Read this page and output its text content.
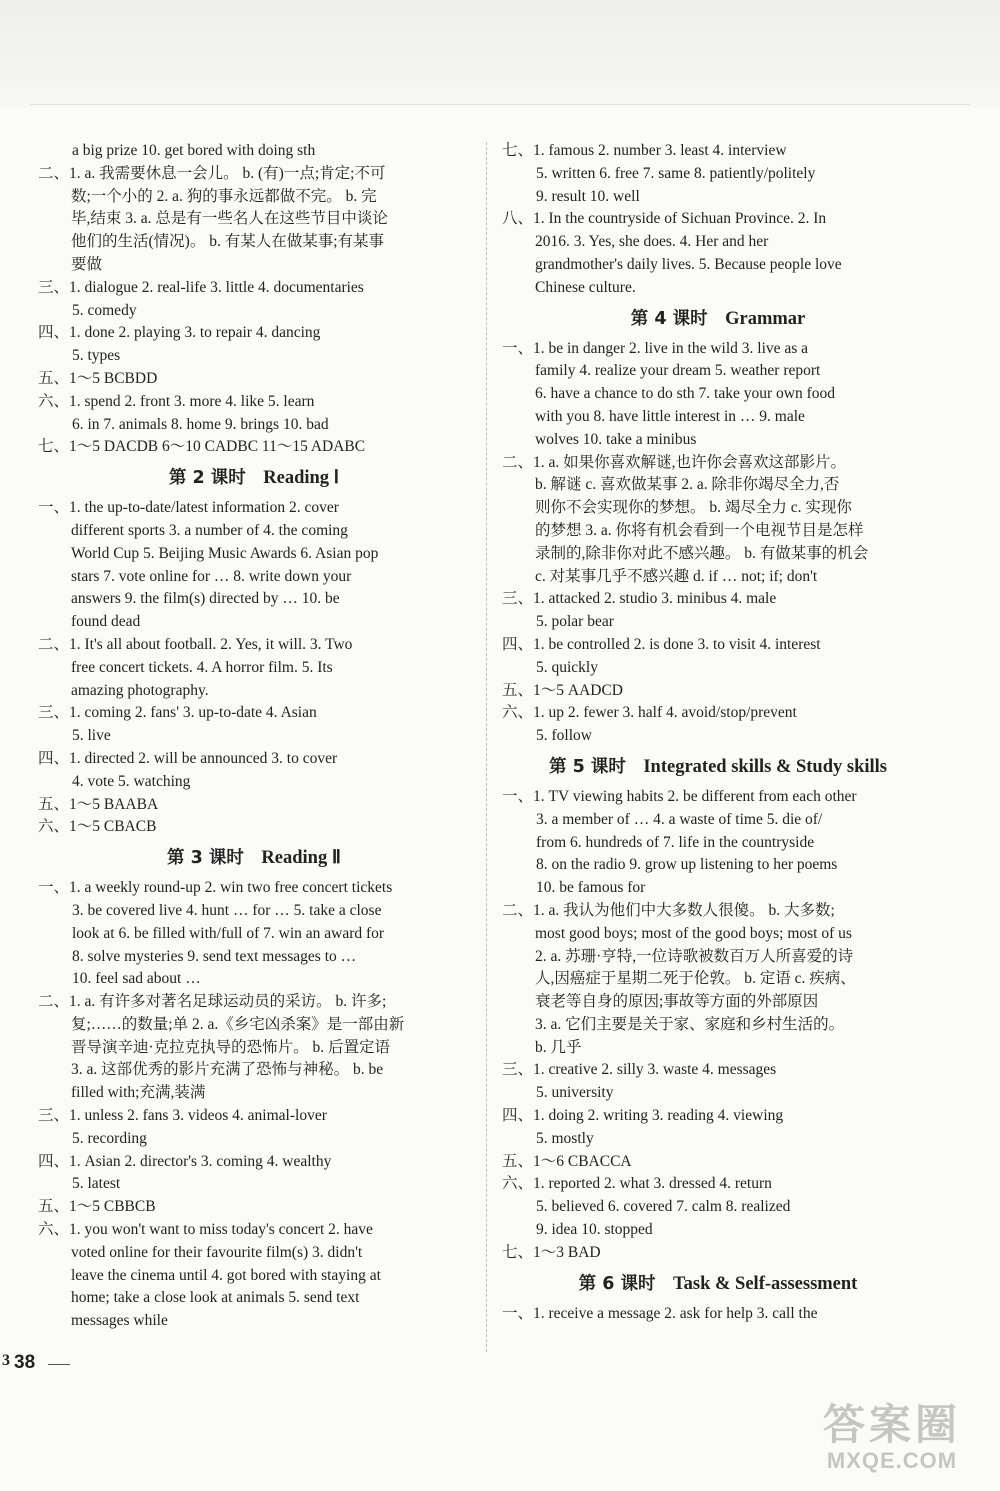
a big prize 10. get bored with doing sth
二、1. a. 我需要休息一会儿。 b. (有)一点;肯定;不可
数;一个小的 2. a. 狗的事永远都做不完。 b. 完
毕,结束 3. a. 总是有一些名人在这些节目中谈论
他们的生活(情况)。 b. 有某人在做某事;有某事
要做
三、1. dialogue 2. real-life 3. little 4. documentaries
5. comedy
四、1. done 2. playing 3. to repair 4. dancing
5. types
五、1～5 BCBDD
六、1. spend 2. front 3. more 4. like 5. learn
6. in 7. animals 8. home 9. brings 10. bad
七、1～5 DACDB 6～10 CADBC 11～15 ADABC
第 2 课时  Reading Ⅰ
一、1. the up-to-date/latest information 2. cover
different sports 3. a number of 4. the coming
World Cup 5. Beijing Music Awards 6. Asian pop
stars 7. vote online for … 8. write down your
answers 9. the film(s) directed by … 10. be
found dead
二、1. It's all about football. 2. Yes, it will. 3. Two
free concert tickets. 4. A horror film. 5. Its
amazing photography.
三、1. coming 2. fans' 3. up-to-date 4. Asian
5. live
四、1. directed 2. will be announced 3. to cover
4. vote 5. watching
五、1～5 BAABA
六、1～5 CBACB
第 3 课时  Reading Ⅱ
一、1. a weekly round-up 2. win two free concert tickets
3. be covered live 4. hunt … for … 5. take a close
look at 6. be filled with/full of 7. win an award for
8. solve mysteries 9. send text messages to …
10. feel sad about …
二、1. a. 有许多对著名足球运动员的采访。 b. 许多;
复;……的数量;单 2. a.《乡宅凶杀案》是一部由新
晋导演辛迪·克拉克执导的恐怖片。 b. 后置定语
3. a. 这部优秀的影片充满了恐怖与神秘。 b. be
filled with;充满,装满
三、1. unless 2. fans 3. videos 4. animal-lover
5. recording
四、1. Asian 2. director's 3. coming 4. wealthy
5. latest
五、1～5 CBBCB
六、1. you won't want to miss today's concert 2. have
voted online for their favourite film(s) 3. didn't
leave the cinema until 4. got bored with staying at
home; take a close look at animals 5. send text
messages while
七、1. famous 2. number 3. least 4. interview
5. written 6. free 7. same 8. patiently/politely
9. result 10. well
八、1. In the countryside of Sichuan Province. 2. In
2016. 3. Yes, she does. 4. Her and her
grandmother's daily lives. 5. Because people love
Chinese culture.
第 4 课时  Grammar
一、1. be in danger 2. live in the wild 3. live as a
family 4. realize your dream 5. weather report
6. have a chance to do sth 7. take your own food
with you 8. have little interest in … 9. male
wolves 10. take a minibus
二、1. a. 如果你喜欢解谜,也许你会喜欢这部影片。
b. 解谜 c. 喜欢做某事 2. a. 除非你竭尽全力,否
则你不会实现你的梦想。 b. 竭尽全力 c. 实现你
的梦想 3. a. 你将有机会看到一个电视节目是怎样
录制的,除非你对此不感兴趣。 b. 有做某事的机会
c. 对某事几乎不感兴趣 d. if … not; if; don't
三、1. attacked 2. studio 3. minibus 4. male
5. polar bear
四、1. be controlled 2. is done 3. to visit 4. interest
5. quickly
五、1～5 AADCD
六、1. up 2. fewer 3. half 4. avoid/stop/prevent
5. follow
第 5 课时  Integrated skills & Study skills
一、1. TV viewing habits 2. be different from each other
3. a member of … 4. a waste of time 5. die of/
from 6. hundreds of 7. life in the countryside
8. on the radio 9. grow up listening to her poems
10. be famous for
二、1. a. 我认为他们中大多数人很傻。 b. 大多数;
most good boys; most of the good boys; most of us
2. a. 苏珊·亨特,一位诗歌被数百万人所喜爱的诗
人,因癌症于星期二死于伦敦。 b. 定语 c. 疾病、
衰老等自身的原因;事故等方面的外部原因
3. a. 它们主要是关于家、家庭和乡村生活的。
b. 几乎
三、1. creative 2. silly 3. waste 4. messages
5. university
四、1. doing 2. writing 3. reading 4. viewing
5. mostly
五、1～6 CBACCA
六、1. reported 2. what 3. dressed 4. return
5. believed 6. covered 7. calm 8. realized
9. idea 10. stopped
七、1～3 BAD
第 6 课时  Task & Self-assessment
一、1. receive a message 2. ask for help 3. call the
3 38
答案圈
MXQE.COM
